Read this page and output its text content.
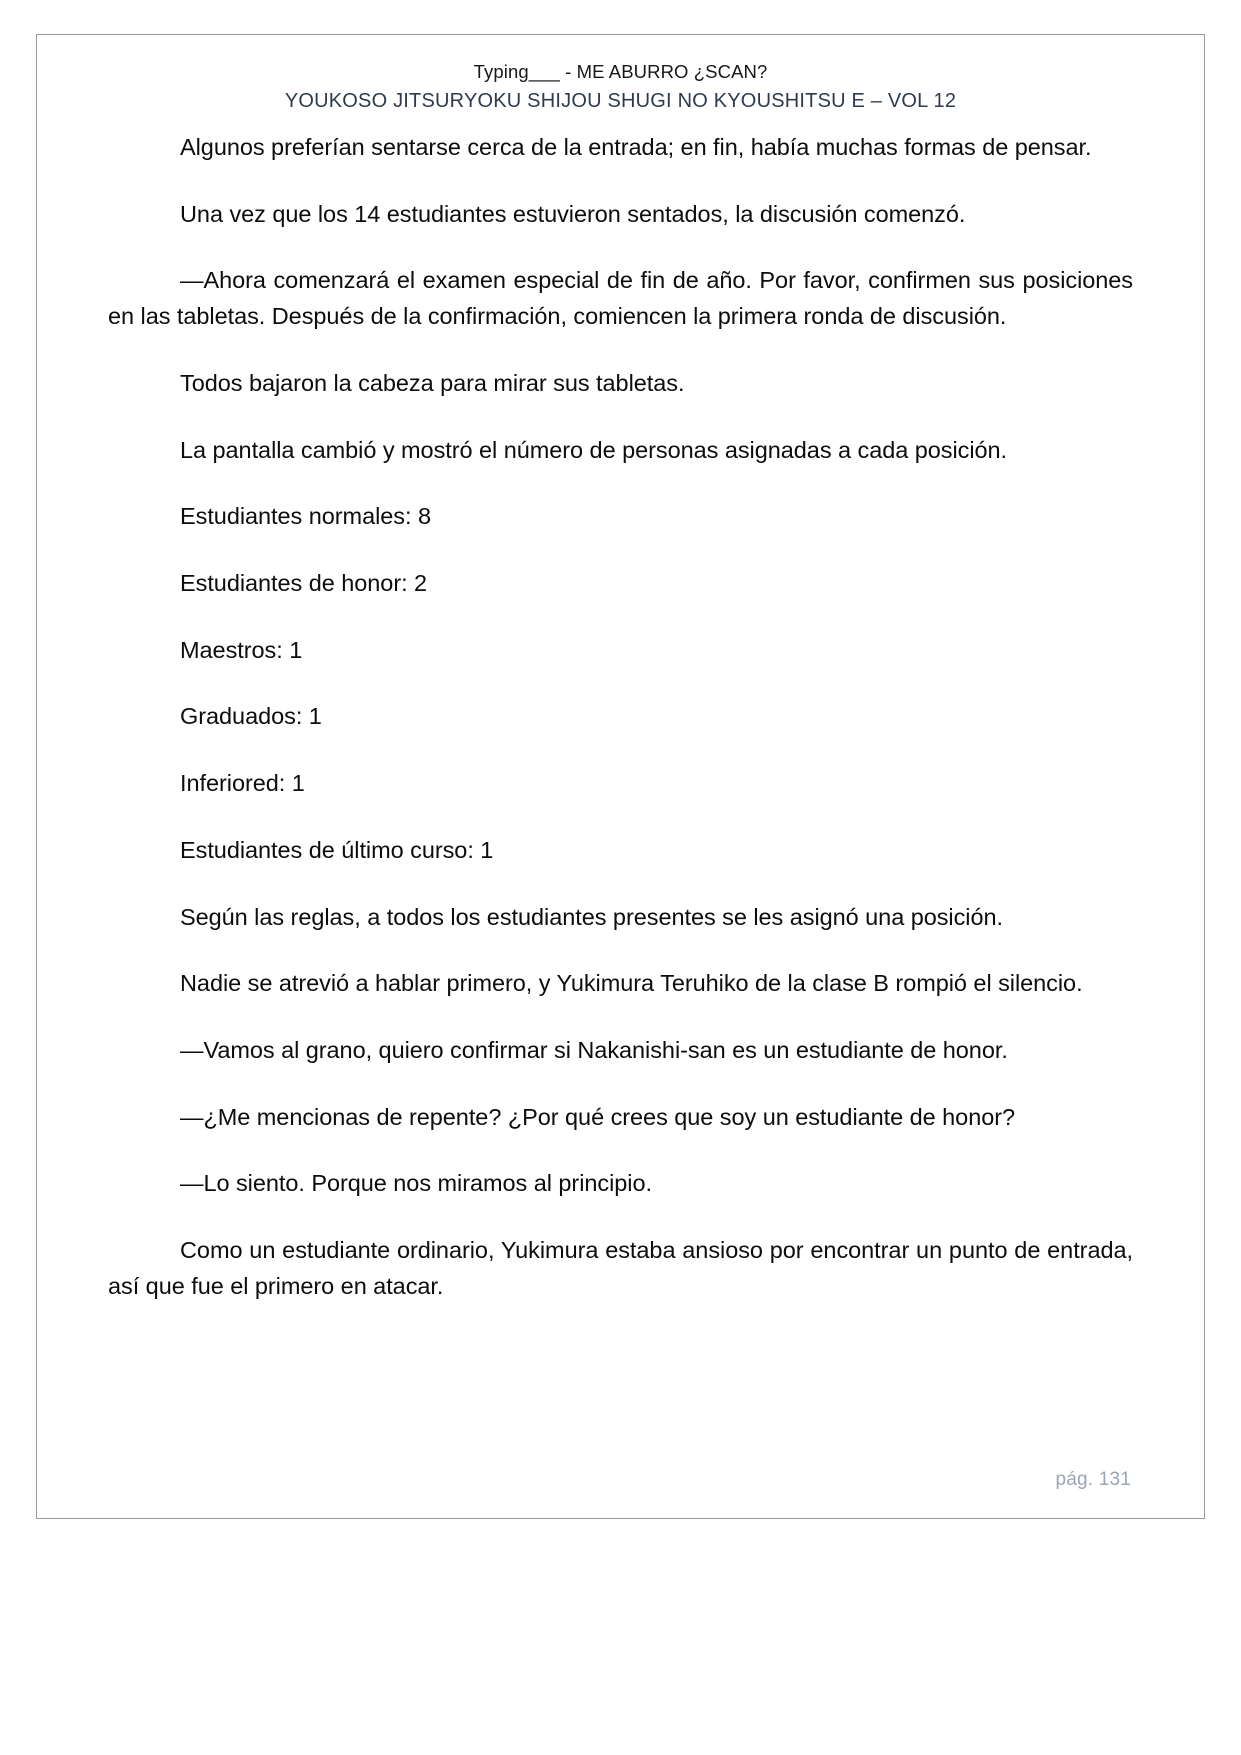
Typing___ - ME ABURRO ¿SCAN?
YOUKOSO JITSURYOKU SHIJOU SHUGI NO KYOUSHITSU E – VOL 12

Algunos preferían sentarse cerca de la entrada; en fin, había muchas formas de pensar.

Una vez que los 14 estudiantes estuvieron sentados, la discusión comenzó.

—Ahora comenzará el examen especial de fin de año. Por favor, confirmen sus posiciones en las tabletas. Después de la confirmación, comiencen la primera ronda de discusión.

Todos bajaron la cabeza para mirar sus tabletas.

La pantalla cambió y mostró el número de personas asignadas a cada posición.

Estudiantes normales: 8

Estudiantes de honor: 2

Maestros: 1

Graduados: 1

Inferiored: 1

Estudiantes de último curso: 1

Según las reglas, a todos los estudiantes presentes se les asignó una posición.

Nadie se atrevió a hablar primero, y Yukimura Teruhiko de la clase B rompió el silencio.

—Vamos al grano, quiero confirmar si Nakanishi-san es un estudiante de honor.

—¿Me mencionas de repente? ¿Por qué crees que soy un estudiante de honor?

—Lo siento. Porque nos miramos al principio.

Como un estudiante ordinario, Yukimura estaba ansioso por encontrar un punto de entrada, así que fue el primero en atacar.

pág. 131
